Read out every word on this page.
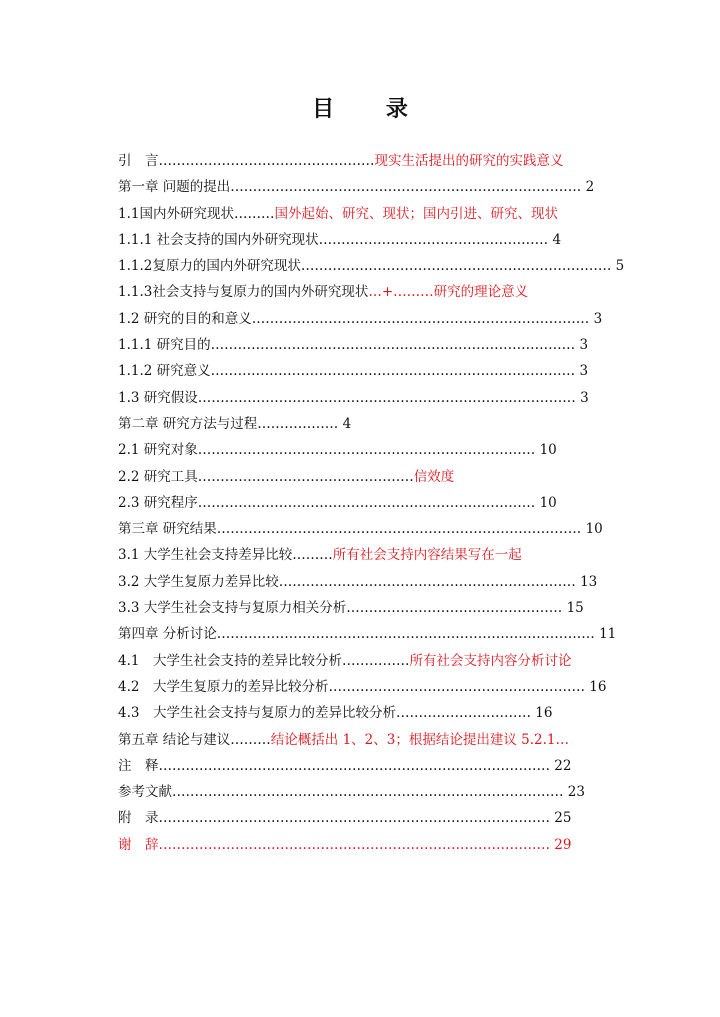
目 录
引　言…………………………………………现实生活提出的研究的实践意义
第一章 问题的提出…………………………………………………………………… 2
1.1国内外研究现状………国外起始、研究、现状；国内引进、研究、现状
1.1.1 社会支持的国内外研究现状…………………………………………… 4
1.1.2复原力的国内外研究现状…………………………………………………………… 5
1.1.3社会支持与复原力的国内外研究现状…+………研究的理论意义
1.2 研究的目的和意义………………………………………………………………… 3
1.1.1 研究目的……………………………………………………………………… 3
1.1.2 研究意义……………………………………………………………………… 3
1.3 研究假设………………………………………………………………………… 3
第二章 研究方法与过程……………… 4
2.1 研究对象………………………………………………………………… 10
2.2 研究工具…………………………………………信效度
2.3 研究程序………………………………………………………………… 10
第三章 研究结果……………………………………………………………………… 10
3.1 大学生社会支持差异比较………所有社会支持内容结果写在一起
3.2 大学生复原力差异比较………………………………………………………… 13
3.3 大学生社会支持与复原力相关分析………………………………………… 15
第四章 分析讨论………………………………………………………………………… 11
4.1　大学生社会支持的差异比较分析……………所有社会支持内容分析讨论
4.2　大学生复原力的差异比较分析………………………………………………… 16
4.3　大学生社会支持与复原力的差异比较分析………………………… 16
第五章 结论与建议………结论概括出 1、2、3；根据结论提出建议 5.2.1…
注　释…………………………………………………………………………… 22
参考文献…………………………………………………………………………… 23
附　录…………………………………………………………………………… 25
谢　辞…………………………………………………………………………… 29
